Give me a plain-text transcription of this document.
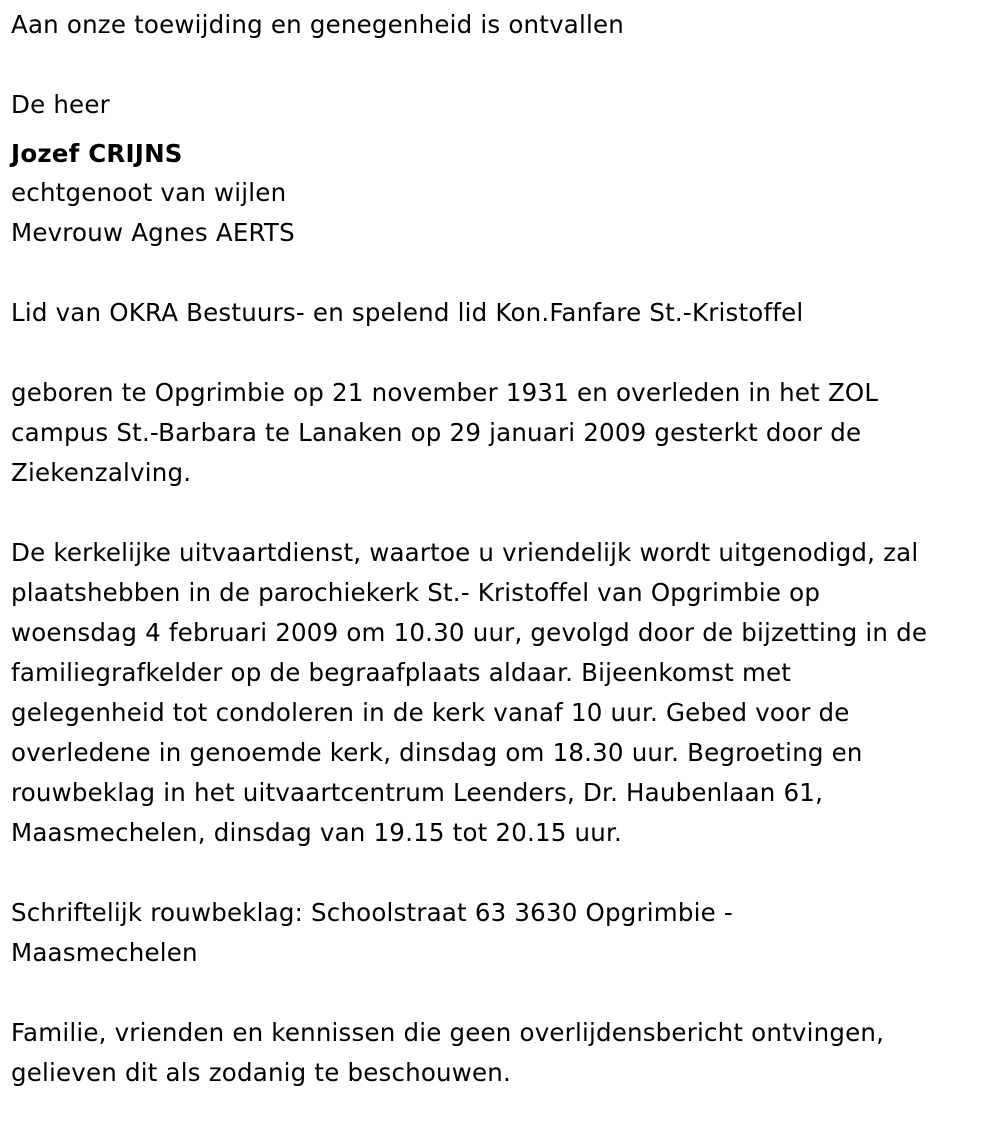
Aan onze toewijding en genegenheid is ontvallen

De heer

Jozef CRIJNS

echtgenoot van wijlen

Mevrouw Agnes AERTS

Lid van OKRA Bestuurs- en spelend lid Kon.Fanfare St.-Kristoffel

geboren te Opgrimbie op 21 november 1931 en overleden in het ZOL
campus St.-Barbara te Lanaken op 29 januari 2009 gesterkt door de
Ziekenzalving.

De kerkelijke uitvaartdienst, waartoe u vriendelijk wordt uitgenodigd, zal
plaatshebben in de parochiekerk St.- Kristoffel van Opgrimbie op
woensdag 4 februari 2009 om 10.30 uur, gevolgd door de bijzetting in de
familiegrafkelder op de begraafplaats aldaar. Bijeenkomst met
gelegenheid tot condoleren in de kerk vanaf 10 uur. Gebed voor de
overledene in genoemde kerk, dinsdag om 18.30 uur. Begroeting en
rouwbeklag in het uitvaartcentrum Leenders, Dr. Haubenlaan 61,
Maasmechelen, dinsdag van 19.15 tot 20.15 uur.

Schriftelijk rouwbeklag: Schoolstraat 63 3630 Opgrimbie -
Maasmechelen

Familie, vrienden en kennissen die geen overlijdensbericht ontvingen,
gelieven dit als zodanig te beschouwen.
